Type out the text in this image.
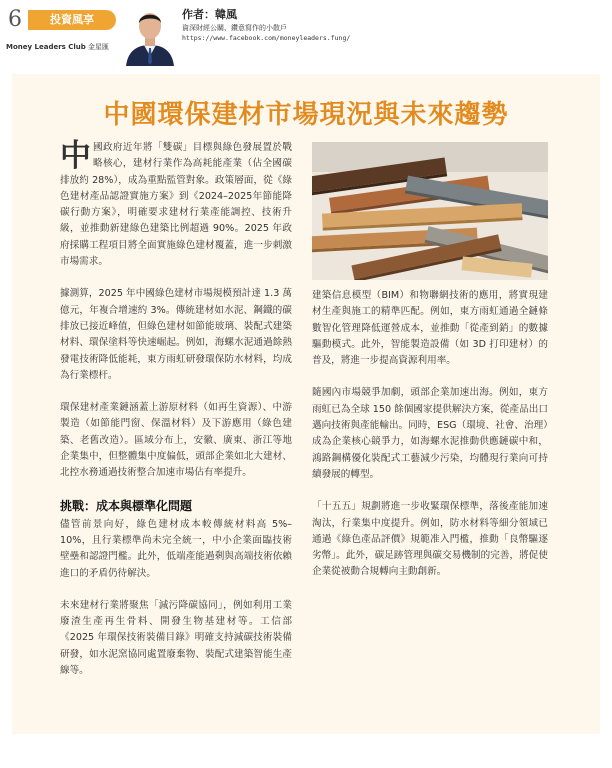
6	投資風享
Money Leaders Club 金星匯
作者：韓風
資深財經公關、鑽意寫作的小散戶
https://www.facebook.com/moneyleaders.fung/
中國環保建材市場現況與未來趨勢

中國政府近年將「雙碳」目標與綠色發展置於戰略核心，建材行業作為高耗能產業（佔全國碳排放約 28%），成為重點監管對象。政策層面，從《綠色建材產品認證實施方案》到《2024–2025年節能降碳行動方案》，明確要求建材行業產能調控、技術升級，並推動新建綠色建築比例超過 90%。2025 年政府採購工程項目將全面實施綠色建材覆蓋，進一步刺激市場需求。

據測算，2025 年中國綠色建材市場規模預計達 1.3 萬億元，年複合增速約 3%。傳統建材如水泥、鋼鐵的碳排放已接近峰值，但綠色建材如節能玻璃、裝配式建築材料、環保塗料等快速崛起。例如，海螺水泥通過餘熱發電技術降低能耗，東方雨虹研發環保防水材料，均成為行業標杆。

環保建材產業鏈涵蓋上游原材料（如再生資源）、中游製造（如節能門窗、保溫材料）及下游應用（綠色建築、老舊改造）。區域分布上，安徽、廣東、浙江等地企業集中，但整體集中度偏低，頭部企業如北大建材、北控水務通過技術整合加速市場佔有率提升。

挑戰：成本與標準化問題

儘管前景向好，綠色建材成本較傳統材料高 5%–10%，且行業標準尚未完全統一，中小企業面臨技術壁壘和認證門檻。此外，低端產能過剩與高端技術依賴進口的矛盾仍待解決。

未來建材行業將聚焦「減污降碳協同」，例如利用工業廢渣生產再生骨料、開發生物基建材等。工信部《2025 年環保技術裝備目錄》明確支持減碳技術裝備研發，如水泥窯協同處置廢棄物、裝配式建築智能生產線等。

建築信息模型（BIM）和物聯網技術的應用，將實現建材生產與施工的精準匹配。例如，東方雨虹通過全鏈條數智化管理降低運營成本，並推動「從產到銷」的數據驅動模式。此外，智能製造設備（如 3D 打印建材）的普及，將進一步提高資源利用率。

隨國內市場競爭加劇，頭部企業加速出海。例如，東方雨虹已為全球 150 餘個國家提供解決方案，從產品出口邁向技術與產能輸出。同時，ESG（環境、社會、治理）成為企業核心競爭力，如海螺水泥推動供應鏈碳中和，鴻路鋼構優化裝配式工藝減少污染，均體現行業向可持續發展的轉型。

「十五五」規劃將進一步收緊環保標準，落後產能加速淘汰，行業集中度提升。例如，防水材料等細分領域已通過《綠色產品評價》規範准入門檻，推動「良幣驅逐劣幣」。此外，碳足跡管理與碳交易機制的完善，將促使企業從被動合規轉向主動創新。
